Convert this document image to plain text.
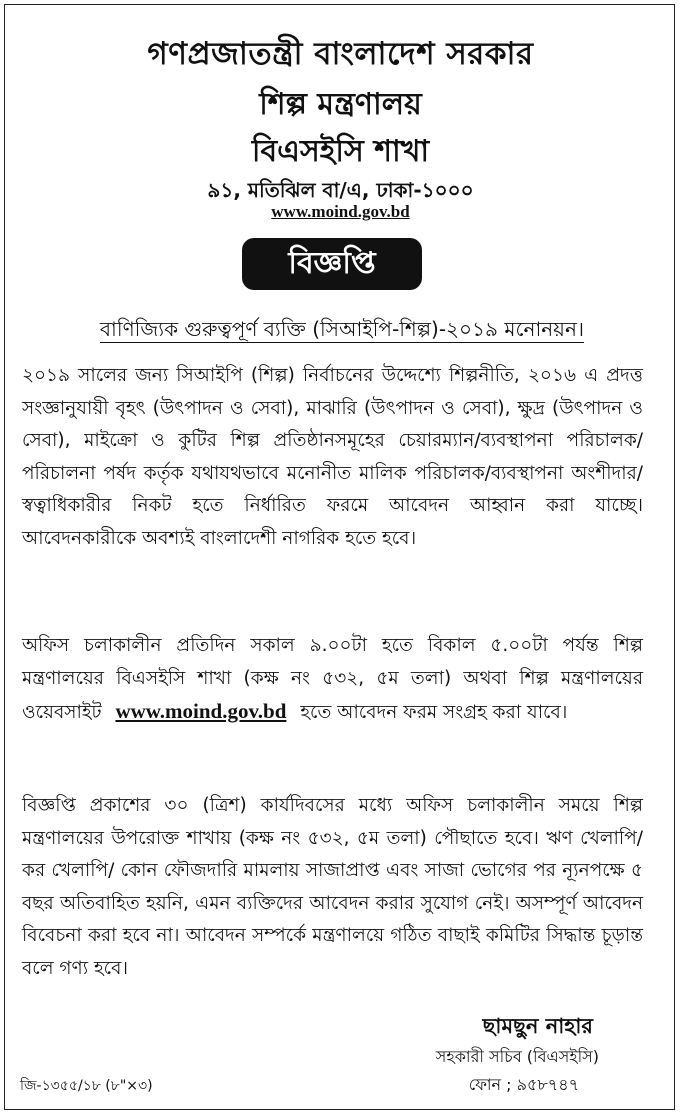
গণপ্রজাতন্ত্রী বাংলাদেশ সরকার
শিল্প মন্ত্রণালয়
বিএসইসি শাখা
৯১, মতিঝিল বা/এ, ঢাকা-১০০০
www.moind.gov.bd
বিজ্ঞপ্তি
বাণিজ্যিক গুরুত্বপূর্ণ ব্যক্তি (সিআইপি-শিল্প)-২০১৯ মনোনয়ন।
২০১৯ সালের জন্য সিআইপি (শিল্প) নির্বাচনের উদ্দেশ্যে শিল্পনীতি, ২০১৬ এ প্রদত্ত সংজ্ঞানুযায়ী বৃহৎ (উৎপাদন ও সেবা), মাঝারি (উৎপাদন ও সেবা), ক্ষুদ্র (উৎপাদন ও সেবা), মাইক্রো ও কুটির শিল্প প্রতিষ্ঠানসমূহের চেয়ারম্যান/ব্যবস্থাপনা পরিচালক/ পরিচালনা পর্ষদ কর্তৃক যথাযথভাবে মনোনীত মালিক পরিচালক/ব্যবস্থাপনা অংশীদার/স্বত্বাধিকারীর নিকট হতে নির্ধারিত ফরমে আবেদন আহ্বান করা যাচ্ছে। আবেদনকারীকে অবশ্যই বাংলাদেশী নাগরিক হতে হবে।
অফিস চলাকালীন প্রতিদিন সকাল ৯.০০টা হতে বিকাল ৫.০০টা পর্যন্ত শিল্প মন্ত্রণালয়ের বিএসইসি শাখা (কক্ষ নং ৫৩২, ৫ম তলা) অথবা শিল্প মন্ত্রণালয়ের ওয়েবসাইট www.moind.gov.bd হতে আবেদন ফরম সংগ্রহ করা যাবে।
বিজ্ঞপ্তি প্রকাশের ৩০ (ত্রিশ) কার্যদিবসের মধ্যে অফিস চলাকালীন সময়ে শিল্প মন্ত্রণালয়ের উপরোক্ত শাখায় (কক্ষ নং ৫৩২, ৫ম তলা) পৌছাতে হবে। ঋণ খেলাপি/কর খেলাপি/ কোন ফৌজদারি মামলায় সাজাপ্রাপ্ত এবং সাজা ভোগের পর ন্যূনপক্ষে ৫ বছর অতিবাহিত হয়নি, এমন ব্যক্তিদের আবেদন করার সুযোগ নেই। অসম্পূর্ণ আবেদন বিবেচনা করা হবে না। আবেদন সম্পর্কে মন্ত্রণালয়ে গঠিত বাছাই কমিটির সিদ্ধান্ত চূড়ান্ত বলে গণ্য হবে।
ছামছুন নাহার
সহকারী সচিব (বিএসইসি)
ফোন ; ৯৫৮৭৪৭
জি-১৩৫৫/১৮ (৮"×৩)
